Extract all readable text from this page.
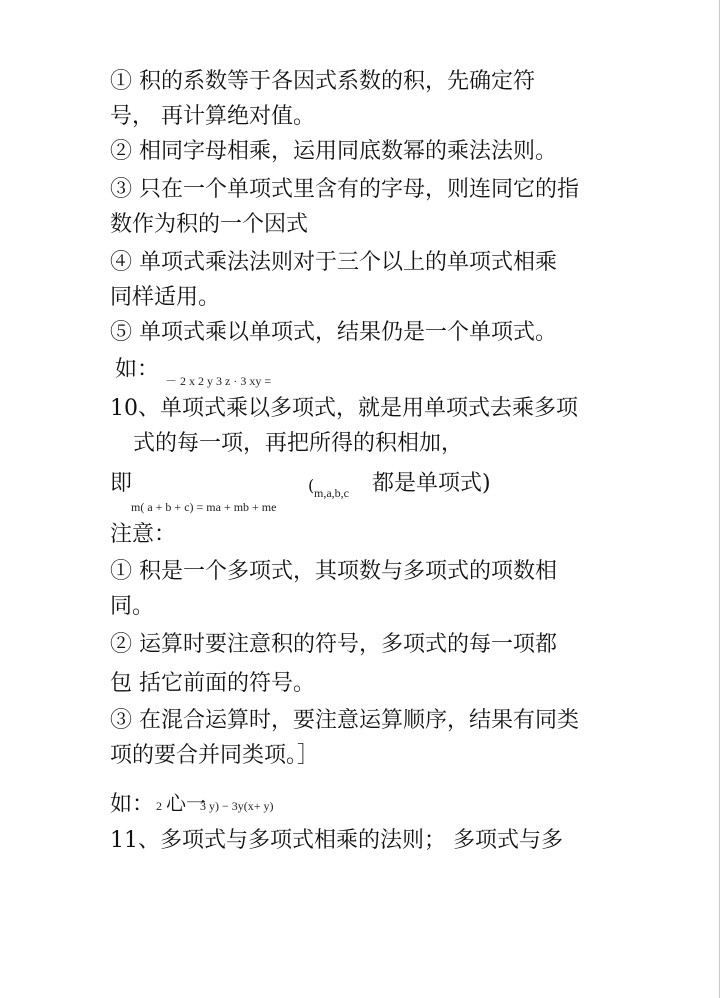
① 积的系数等于各因式系数的积，先确定符
号， 再计算绝对值。
② 相同字母相乘，运用同底数幂的乘法法则。
③ 只在一个单项式里含有的字母，则连同它的指
数作为积的一个因式
④ 单项式乘法法则对于三个以上的单项式相乘
同样适用。
⑤ 单项式乘以单项式，结果仍是一个单项式。
如： － 2 x 2 y 3 z · 3 xy =
10、单项式乘以多项式，就是用单项式去乘多项
式的每一项，再把所得的积相加，
即	( m,a,b,c 都是单项式)
m( a + b + c) = ma + mb + me
注意：
① 积是一个多项式，其项数与多项式的项数相
同。
② 运算时要注意积的符号，多项式的每一项都
包 括它前面的符号。
③ 在混合运算时，要注意运算顺序，结果有同类
项的要合并同类项。］
如： 2 心一
3 y) − 3y(x+ y)
11、多项式与多项式相乘的法则； 多项式与多
